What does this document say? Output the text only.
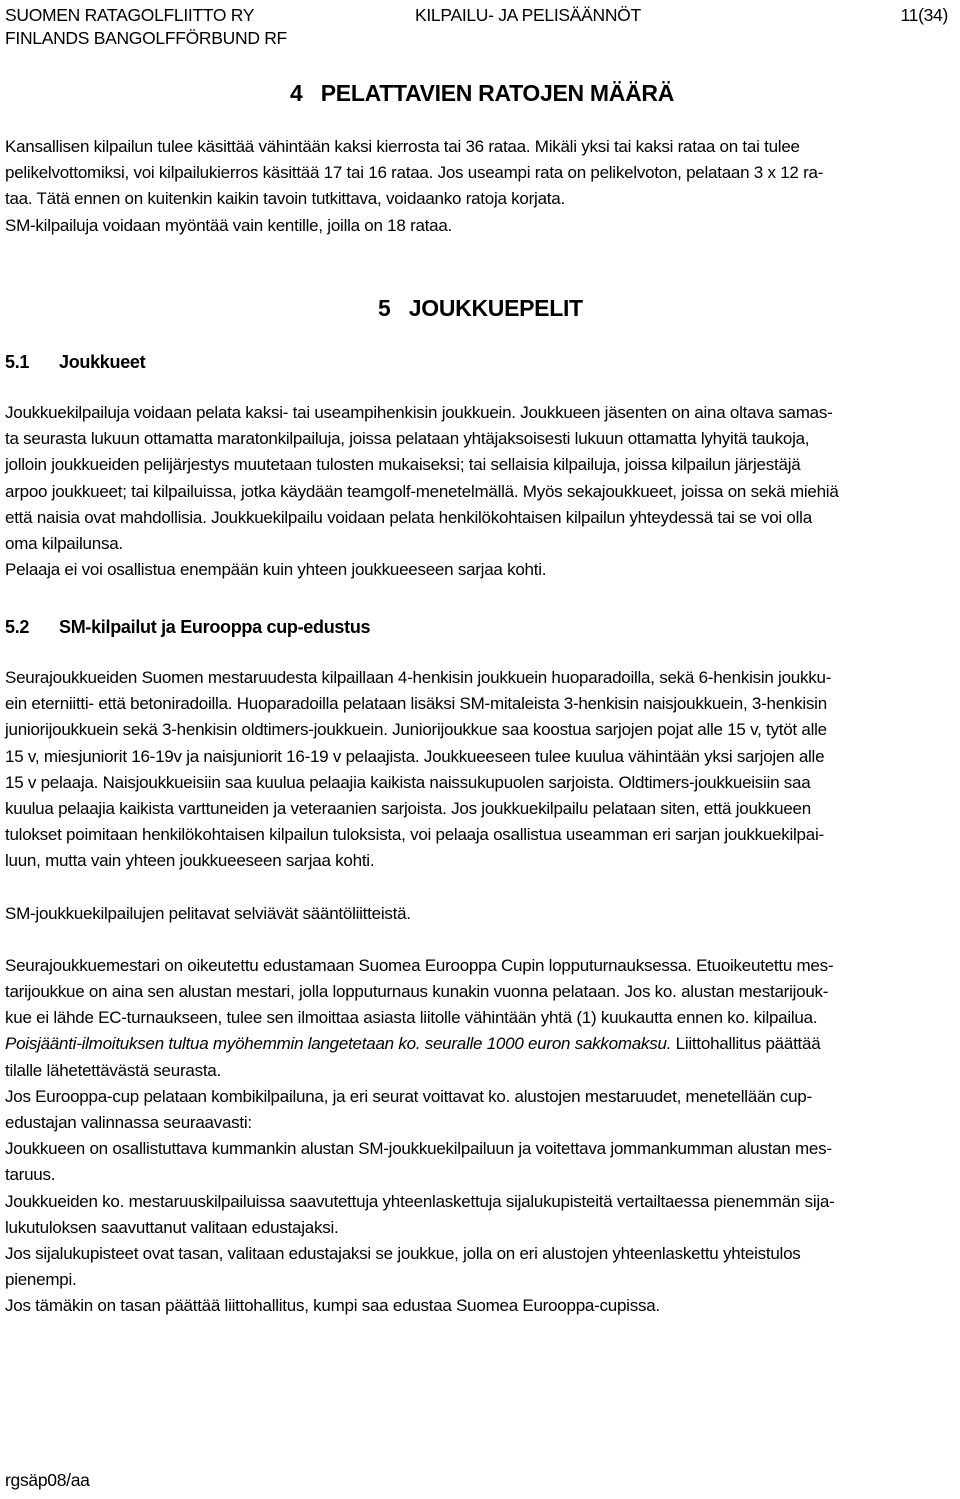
SUOMEN RATAGOLFLIITTO RY
FINLANDS BANGOLFFÖRBUND RF
KILPAILU- JA PELISÄÄNNÖT	11(34)
4   PELATTAVIEN RATOJEN MÄÄRÄ

Kansallisen kilpailun tulee käsittää vähintään kaksi kierrosta tai 36 rataa. Mikäli yksi tai kaksi rataa on tai tulee

pelikelvottomiksi, voi kilpailukierros käsittää 17 tai 16 rataa. Jos useampi rata on pelikelvoton, pelataan 3 x 12 ra-

taa. Tätä ennen on kuitenkin kaikin tavoin tutkittava, voidaanko ratoja korjata.

SM-kilpailuja voidaan myöntää vain kentille, joilla on 18 rataa.

5   JOUKKUEPELIT
5.1 Joukkueet

Joukkuekilpailuja voidaan pelata kaksi- tai useampihenkisin joukkuein. Joukkueen jäsenten on aina oltava samas-

ta seurasta lukuun ottamatta maratonkilpailuja, joissa pelataan yhtäjaksoisesti lukuun ottamatta lyhyitä taukoja,

jolloin joukkueiden pelijärjestys muutetaan tulosten mukaiseksi; tai sellaisia kilpailuja, joissa kilpailun järjestäjä

arpoo joukkueet; tai kilpailuissa, jotka käydään teamgolf-menetelmällä. Myös sekajoukkueet, joissa on sekä miehiä

että naisia ovat mahdollisia. Joukkuekilpailu voidaan pelata henkilökohtaisen kilpailun yhteydessä tai se voi olla

oma kilpailunsa.

Pelaaja ei voi osallistua enempään kuin yhteen joukkueeseen sarjaa kohti.

5.2 SM-kilpailut ja Eurooppa cup-edustus

Seurajoukkueiden Suomen mestaruudesta kilpaillaan 4-henkisin joukkuein huoparadoilla, sekä 6-henkisin joukku-

ein eterniitti- että betoniradoilla. Huoparadoilla pelataan lisäksi SM-mitaleista 3-henkisin naisjoukkuein, 3-henkisin

juniorijoukkuein sekä 3-henkisin oldtimers-joukkuein. Juniorijoukkue saa koostua sarjojen pojat alle 15 v, tytöt alle

15 v, miesjuniorit 16-19v ja naisjuniorit 16-19 v pelaajista. Joukkueeseen tulee kuulua vähintään yksi sarjojen alle

15 v pelaaja. Naisjoukkueisiin saa kuulua pelaajia kaikista naissukupuolen sarjoista. Oldtimers-joukkueisiin saa

kuulua pelaajia kaikista varttuneiden ja veteraanien sarjoista. Jos joukkuekilpailu pelataan siten, että joukkueen

tulokset poimitaan henkilökohtaisen kilpailun tuloksista, voi pelaaja osallistua useamman eri sarjan joukkuekilpai-

luun, mutta vain yhteen joukkueeseen sarjaa kohti.

SM-joukkuekilpailujen pelitavat selviävät sääntöliitteistä.

Seurajoukkuemestari on oikeutettu edustamaan Suomea Eurooppa Cupin lopputurnauksessa. Etuoikeutettu mes-

tarijoukkue on aina sen alustan mestari, jolla lopputurnaus kunakin vuonna pelataan. Jos ko. alustan mestarijouk-

kue ei lähde EC-turnaukseen, tulee sen ilmoittaa asiasta liitolle vähintään yhtä (1) kuukautta ennen ko. kilpailua.

Poisjäänti-ilmoituksen tultua myöhemmin langetetaan ko. seuralle 1000 euron sakkomaksu. Liittohallitus päättää

tilalle lähetettävästä seurasta.

Jos Eurooppa-cup pelataan kombikilpailuna, ja eri seurat voittavat ko. alustojen mestaruudet, menetellään cup-

edustajan valinnassa seuraavasti:

Joukkueen on osallistuttava kummankin alustan SM-joukkuekilpailuun ja voitettava jommankumman alustan mes-

taruus.

Joukkueiden ko. mestaruuskilpailuissa saavutettuja yhteenlaskettuja sijalukupisteitä vertailtaessa pienemmän sija-

lukutuloksen saavuttanut valitaan edustajaksi.

Jos sijalukupisteet ovat tasan, valitaan edustajaksi se joukkue, jolla on eri alustojen yhteenlaskettu yhteistulos

pienempi.

Jos tämäkin on tasan päättää liittohallitus, kumpi saa edustaa Suomea Eurooppa-cupissa.

rgsäp08/aa
